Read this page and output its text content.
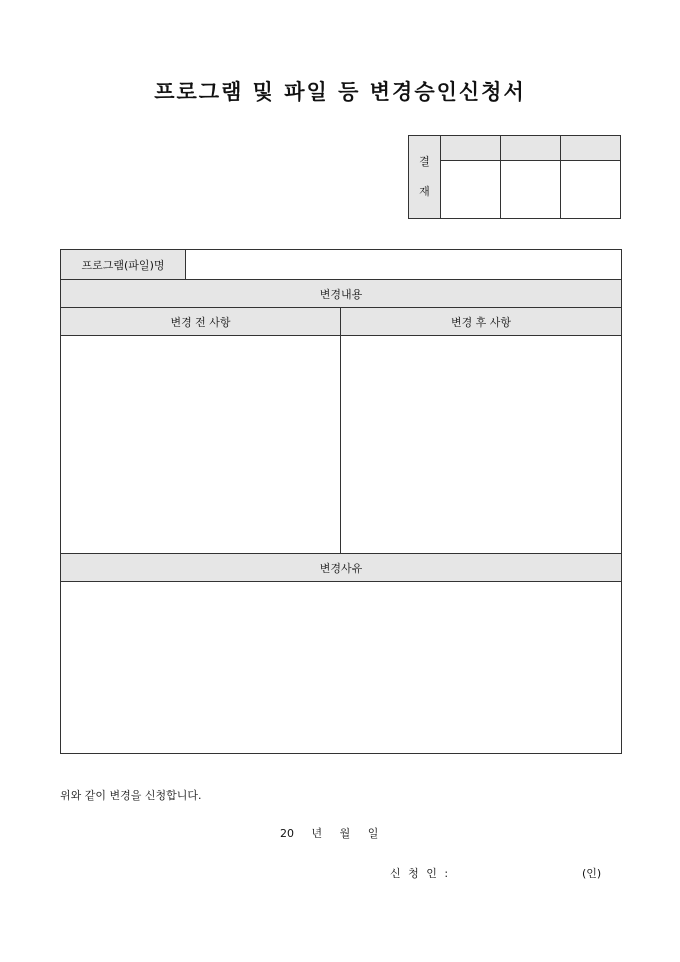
프로그램 및 파일 등 변경승인신청서
결
재			

프로그램(파일)명		
변경내용		
변경 전 사항		변경 후 사항

변경사유		

위와 같이 변경을 신청합니다.
20 년 월 일
신 청 인 :	(인)
